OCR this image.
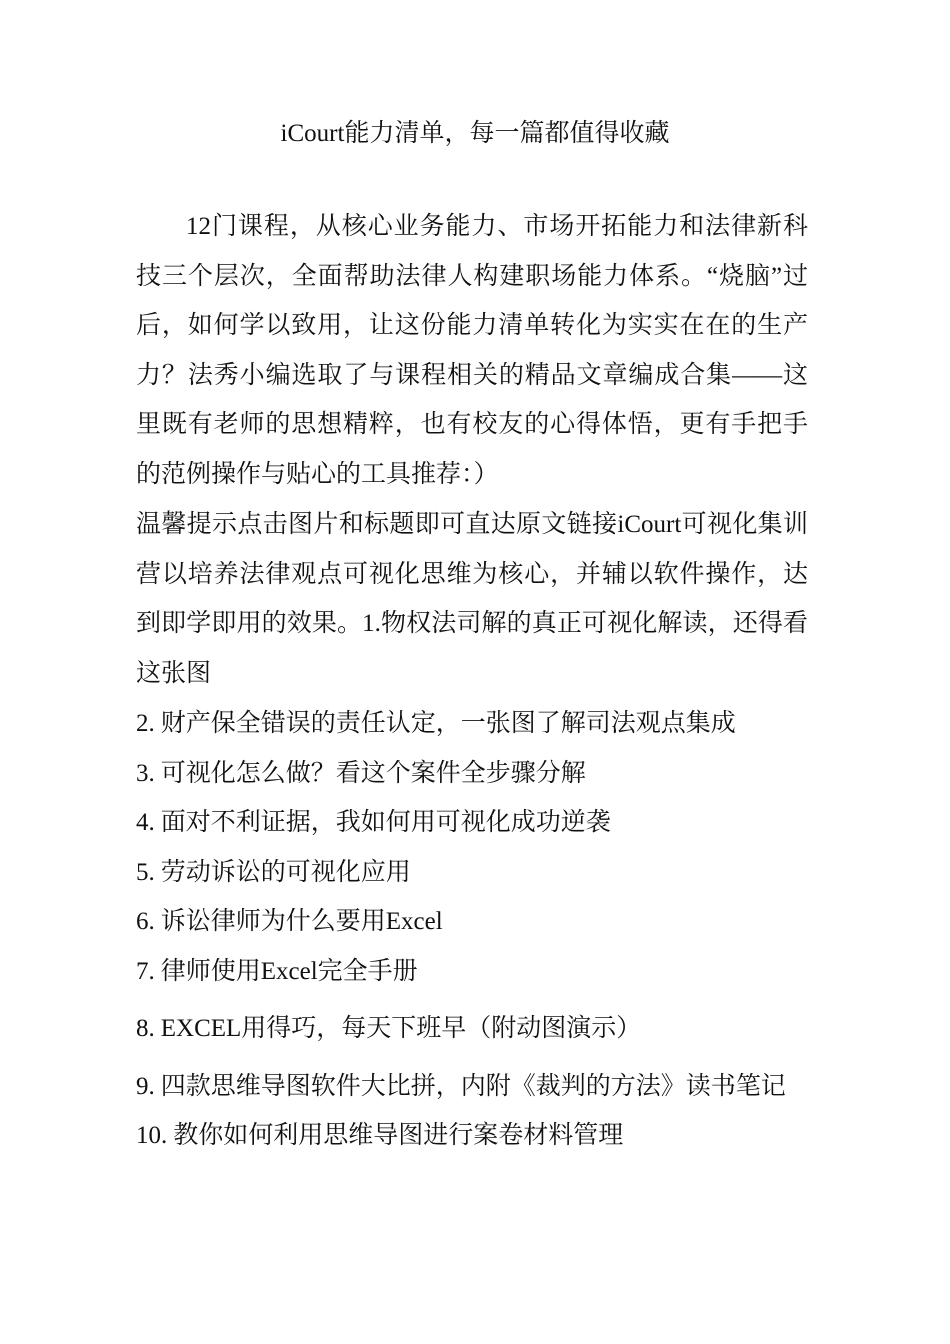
iCourt能力清单，每一篇都值得收藏

12门课程，从核心业务能力、市场开拓能力和法律新科技三个层次，全面帮助法律人构建职场能力体系。“烧脑”过后，如何学以致用，让这份能力清单转化为实实在在的生产力？法秀小编选取了与课程相关的精品文章编成合集——这里既有老师的思想精粹，也有校友的心得体悟，更有手把手的范例操作与贴心的工具推荐：）

温馨提示点击图片和标题即可直达原文链接iCourt可视化集训营以培养法律观点可视化思维为核心，并辅以软件操作，达到即学即用的效果。1.物权法司解的真正可视化解读，还得看这张图

2. 财产保全错误的责任认定，一张图了解司法观点集成
3. 可视化怎么做？看这个案件全步骤分解
4. 面对不利证据，我如何用可视化成功逆袭
5. 劳动诉讼的可视化应用
6. 诉讼律师为什么要用Excel
7. 律师使用Excel完全手册
8. EXCEL用得巧，每天下班早（附动图演示）
9. 四款思维导图软件大比拼，内附《裁判的方法》读书笔记
10. 教你如何利用思维导图进行案卷材料管理
